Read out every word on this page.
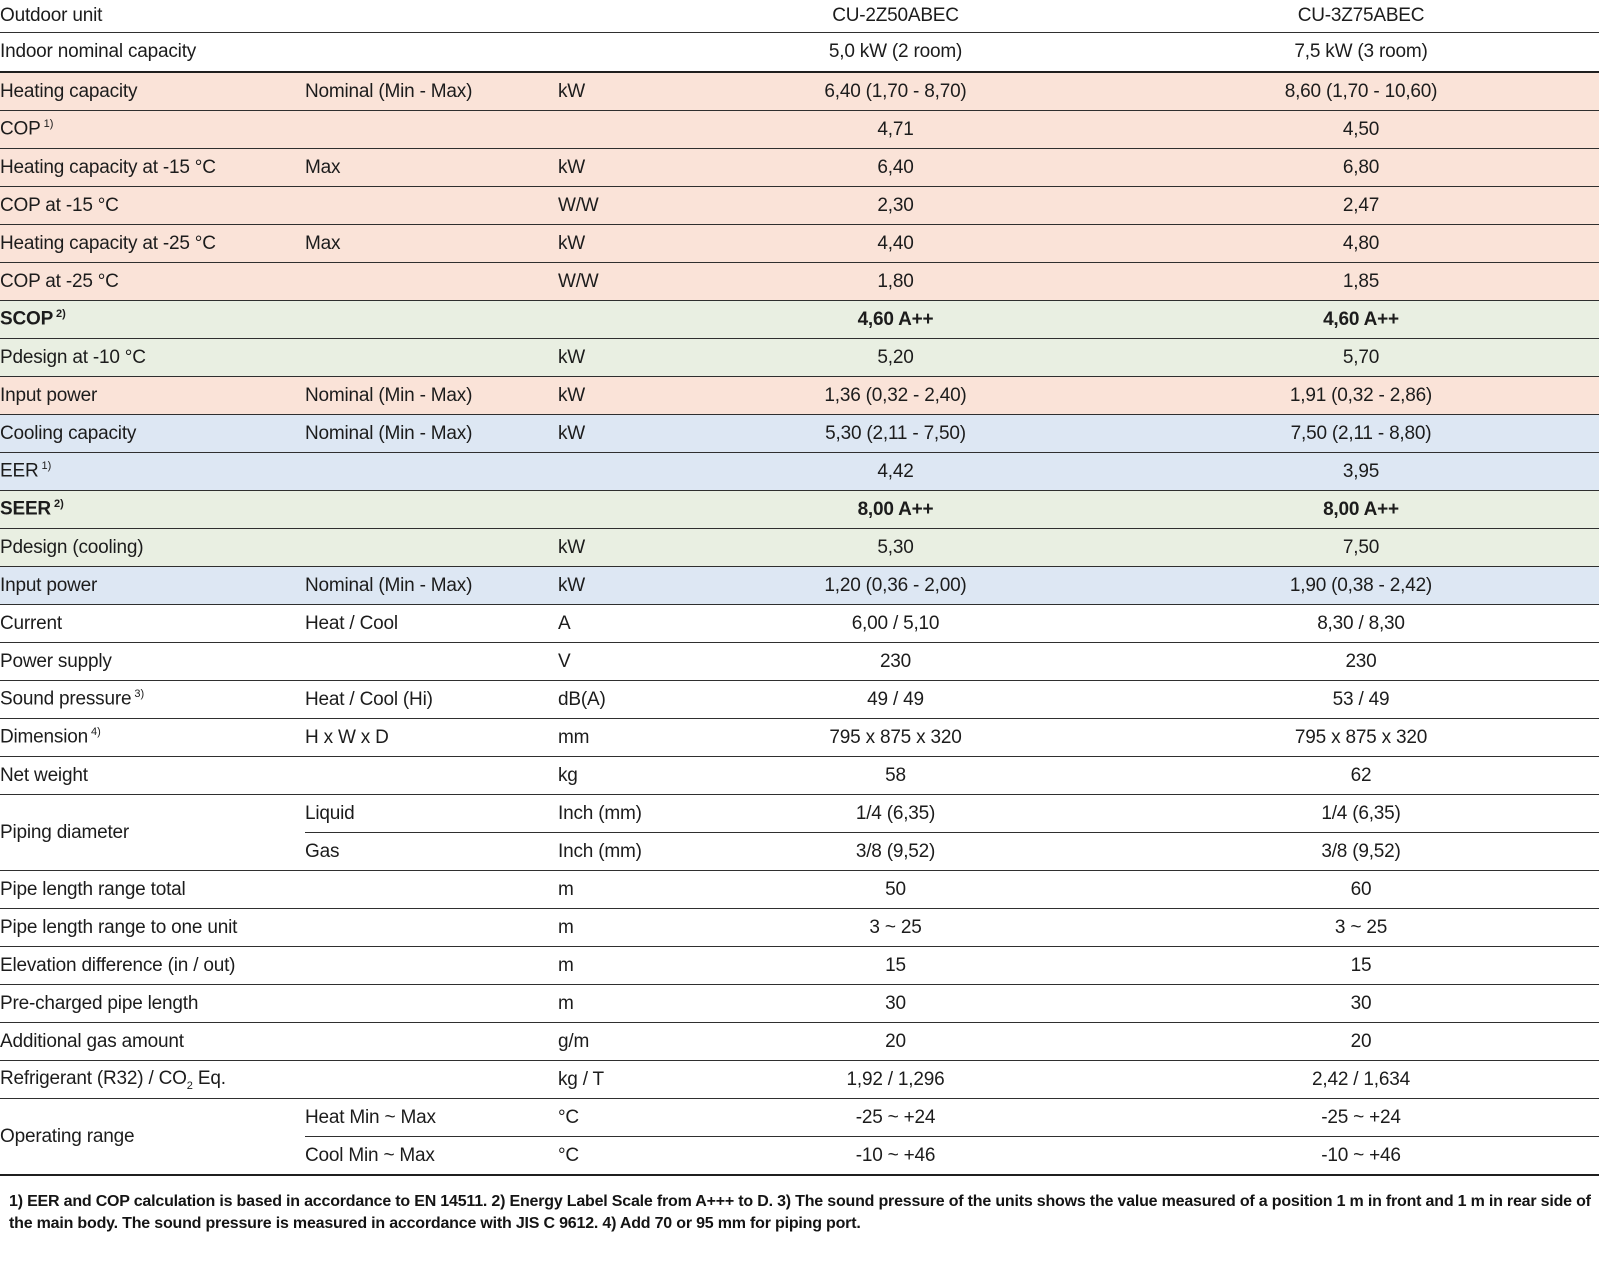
Outdoor unit			CU-2Z50ABEC	CU-3Z75ABEC
Indoor nominal capacity			5,0 kW (2 room)	7,5 kW (3 room)
Heating capacity	Nominal (Min - Max)	kW	6,40 (1,70 - 8,70)	8,60 (1,70 - 10,60)
COP $^{1)}$			4,71	4,50
Heating capacity at -15 °C	Max	kW	6,40	6,80
COP at -15 °C		W/W	2,30	2,47
Heating capacity at -25 °C	Max	kW	4,40	4,80
COP at -25 °C		W/W	1,80	1,85
SCOP $^{2)}$			4,60 A++	4,60 A++
Pdesign at -10 °C		kW	5,20	5,70
Input power	Nominal (Min - Max)	kW	1,36 (0,32 - 2,40)	1,91 (0,32 - 2,86)
Cooling capacity	Nominal (Min - Max)	kW	5,30 (2,11 - 7,50)	7,50 (2,11 - 8,80)
EER $^{1)}$			4,42	3,95
SEER $^{2)}$			8,00 A++	8,00 A++
Pdesign (cooling)		kW	5,30	7,50
Input power	Nominal (Min - Max)	kW	1,20 (0,36 - 2,00)	1,90 (0,38 - 2,42)
Current	Heat / Cool	A	6,00 / 5,10	8,30 / 8,30
Power supply		V	230	230
Sound pressure $^{3)}$	Heat / Cool (Hi)	dB(A)	49 / 49	53 / 49
Dimension $^{4)}$	H x W x D	mm	795 x 875 x 320	795 x 875 x 320
Net weight		kg	58	62
Piping diameter	Liquid	Inch (mm)	1/4 (6,35)	1/4 (6,35)
	Gas	Inch (mm)	3/8 (9,52)	3/8 (9,52)
Pipe length range total		m	50	60
Pipe length range to one unit		m	3 ~ 25	3 ~ 25
Elevation difference (in / out)		m	15	15
Pre-charged pipe length		m	30	30
Additional gas amount		g/m	20	20
Refrigerant $(R32) / CO_2$ Eq.		kg / T	1,92 / 1,296	2,42 / 1,634
Operating range	Heat Min ~ Max	°C	-25 ~ +24	-25 ~ +24
	Cool Min ~ Max	°C	-10 ~ +46	-10 ~ +46

1) EER and COP calculation is based in accordance to EN 14511. 2) Energy Label Scale from A+++ to D. 3) The sound pressure of the units shows the value measured of a position 1 m in front and 1 m in rear side of the main body. The sound pressure is measured in accordance with JIS C 9612. 4) Add 70 or 95 mm for piping port.
